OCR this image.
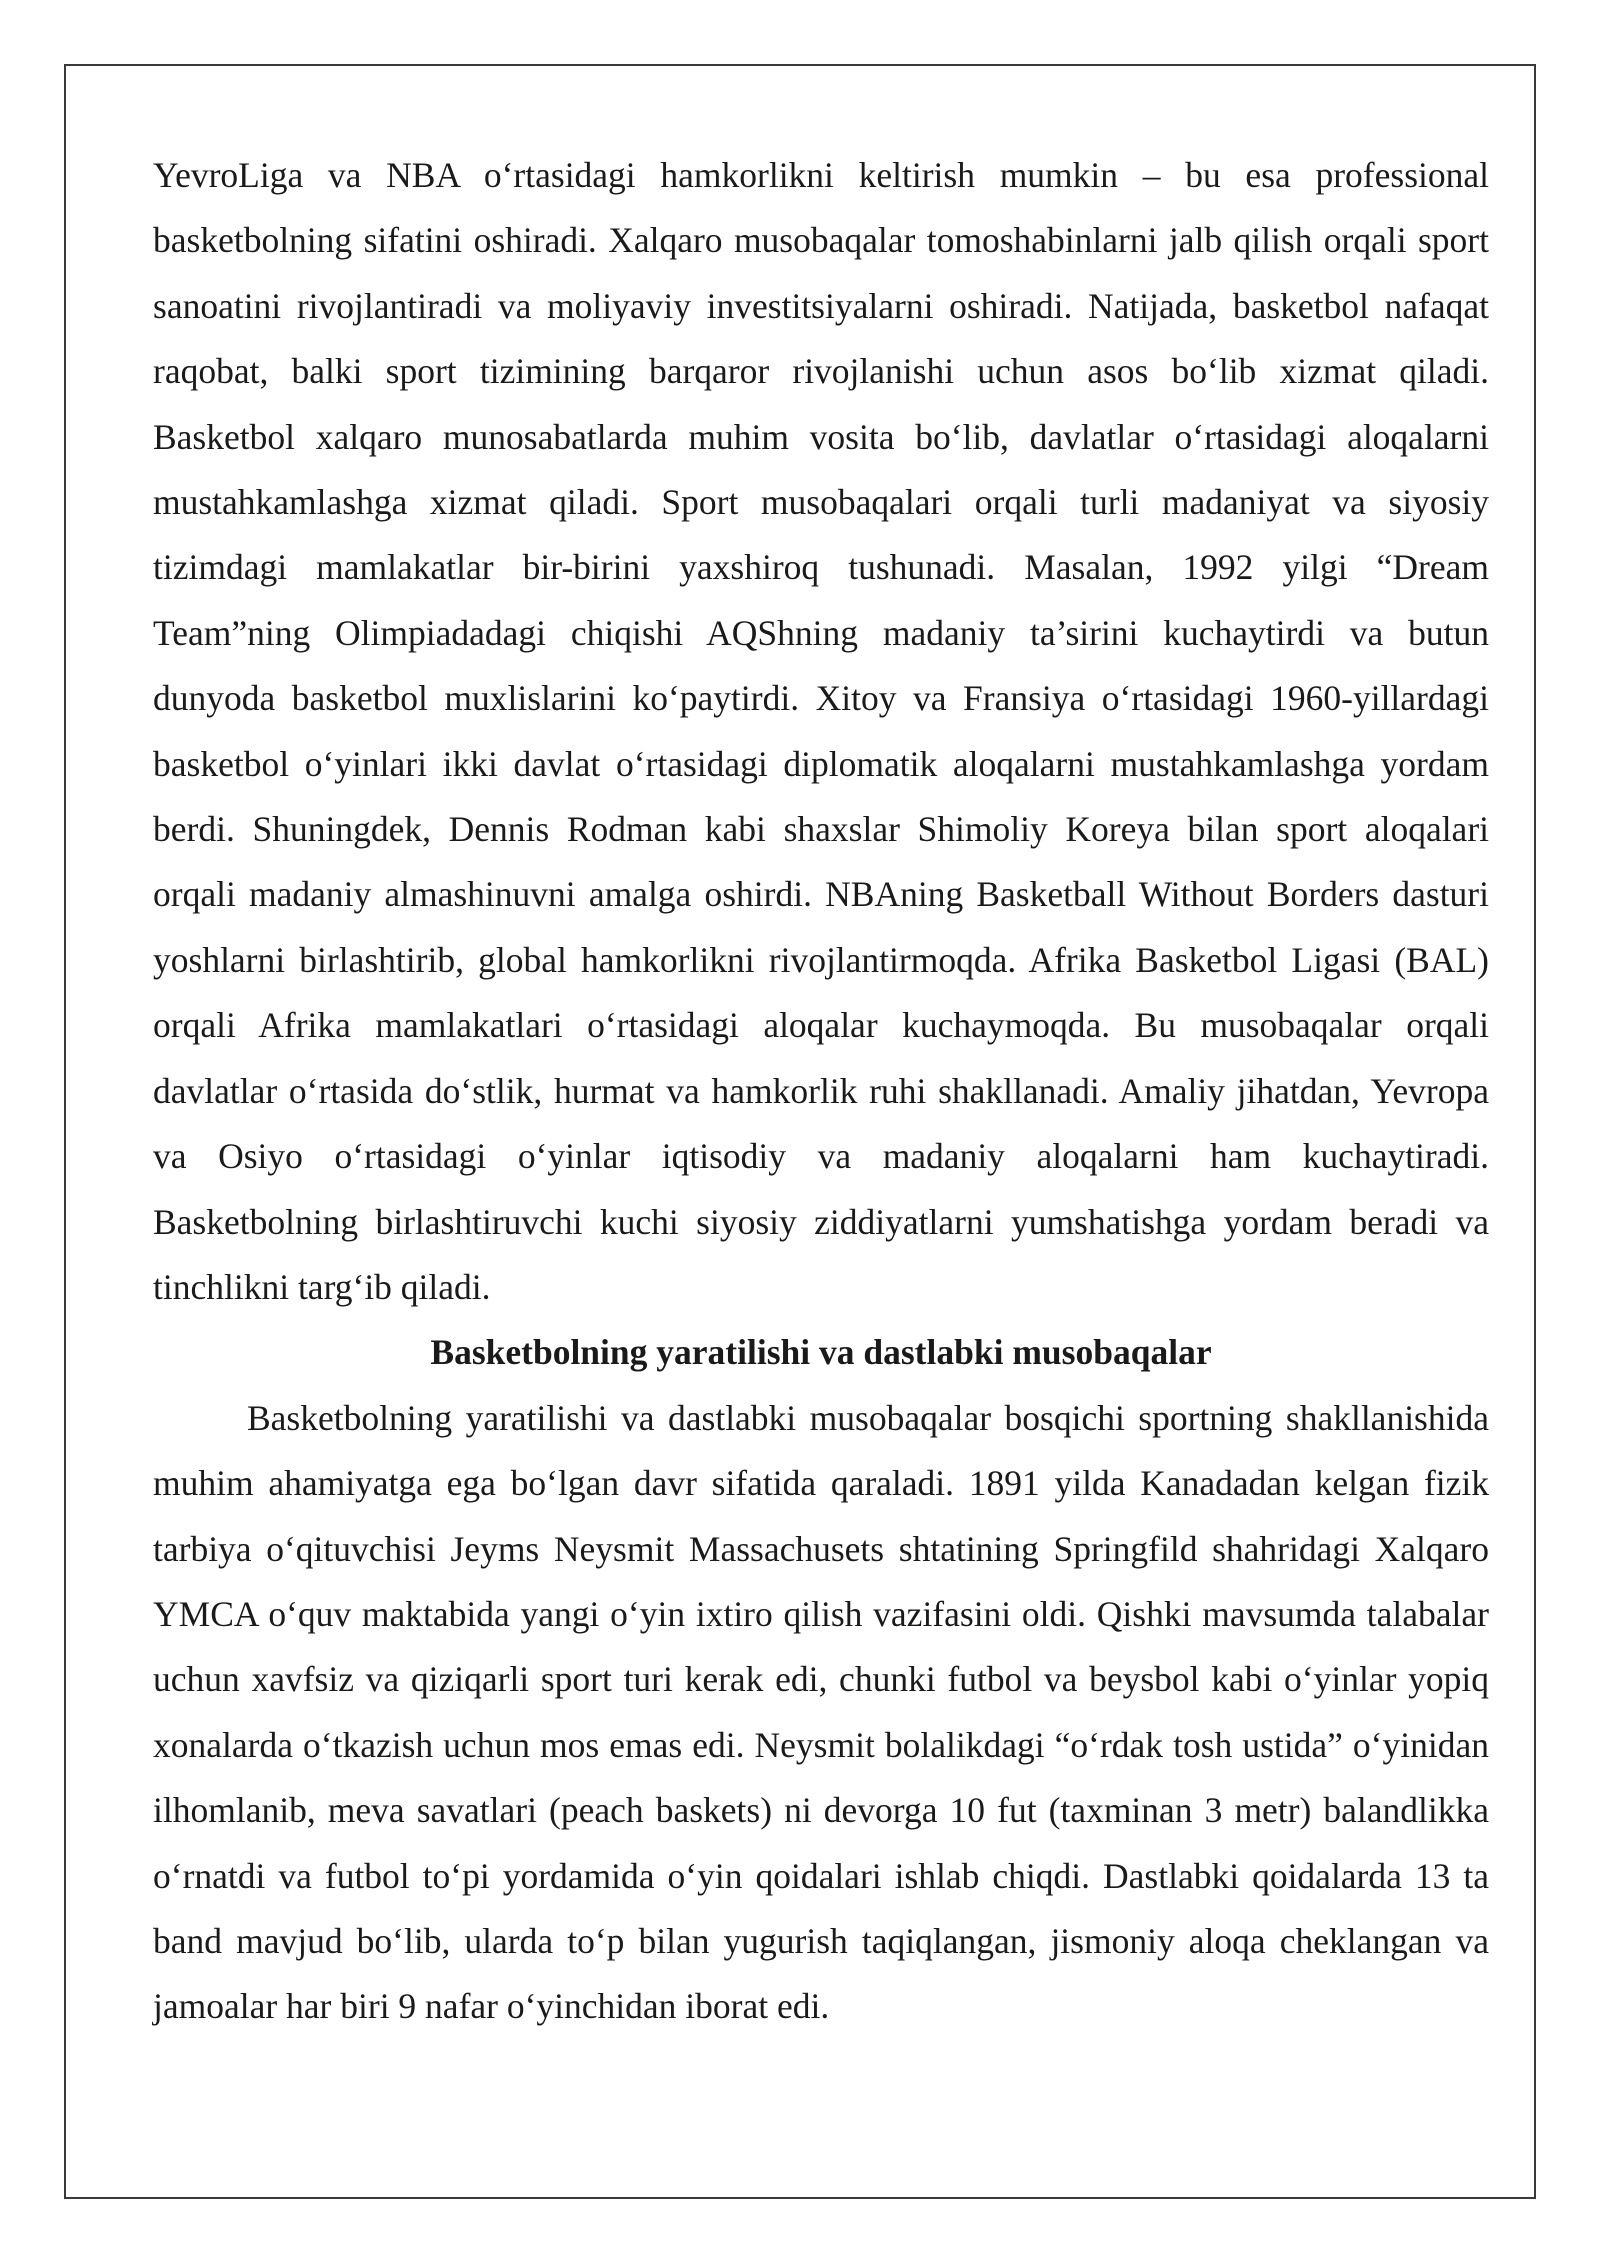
YevroLiga va NBA o‘rtasidagi hamkorlikni keltirish mumkin – bu esa professional basketbolning sifatini oshiradi. Xalqaro musobaqalar tomoshabinlarni jalb qilish orqali sport sanoatini rivojlantiradi va moliyaviy investitsiyalarni oshiradi. Natijada, basketbol nafaqat raqobat, balki sport tizimining barqaror rivojlanishi uchun asos bo‘lib xizmat qiladi. Basketbol xalqaro munosabatlarda muhim vosita bo‘lib, davlatlar o‘rtasidagi aloqalarni mustahkamlashga xizmat qiladi. Sport musobaqalari orqali turli madaniyat va siyosiy tizimdagi mamlakatlar bir-birini yaxshiroq tushunadi. Masalan, 1992 yilgi “Dream Team”ning Olimpiadadagi chiqishi AQShning madaniy ta’sirini kuchaytirdi va butun dunyoda basketbol muxlislarini ko‘paytirdi. Xitoy va Fransiya o‘rtasidagi 1960-yillardagi basketbol o‘yinlari ikki davlat o‘rtasidagi diplomatik aloqalarni mustahkamlashga yordam berdi. Shuningdek, Dennis Rodman kabi shaxslar Shimoliy Koreya bilan sport aloqalari orqali madaniy almashinuvni amalga oshirdi. NBAning Basketball Without Borders dasturi yoshlarni birlashtirib, global hamkorlikni rivojlantirmoqda. Afrika Basketbol Ligasi (BAL) orqali Afrika mamlakatlari o‘rtasidagi aloqalar kuchaymoqda. Bu musobaqalar orqali davlatlar o‘rtasida do‘stlik, hurmat va hamkorlik ruhi shakllanadi. Amaliy jihatdan, Yevropa va Osiyo o‘rtasidagi o‘yinlar iqtisodiy va madaniy aloqalarni ham kuchaytiradi. Basketbolning birlashtiruvchi kuchi siyosiy ziddiyatlarni yumshatishga yordam beradi va tinchlikni targ‘ib qiladi.

Basketbolning yaratilishi va dastlabki musobaqalar

Basketbolning yaratilishi va dastlabki musobaqalar bosqichi sportning shakllanishida muhim ahamiyatga ega bo‘lgan davr sifatida qaraladi. 1891 yilda Kanadadan kelgan fizik tarbiya o‘qituvchisi Jeyms Neysmit Massachusets shtatining Springfild shahridagi Xalqaro YMCA o‘quv maktabida yangi o‘yin ixtiro qilish vazifasini oldi. Qishki mavsumda talabalar uchun xavfsiz va qiziqarli sport turi kerak edi, chunki futbol va beysbol kabi o‘yinlar yopiq xonalarda o‘tkazish uchun mos emas edi. Neysmit bolalikdagi “o‘rdak tosh ustida” o‘yinidan ilhomlanib, meva savatlari (peach baskets) ni devorga 10 fut (taxminan 3 metr) balandlikka o‘rnatdi va futbol to‘pi yordamida o‘yin qoidalari ishlab chiqdi. Dastlabki qoidalarda 13 ta band mavjud bo‘lib, ularda to‘p bilan yugurish taqiqlangan, jismoniy aloqa cheklangan va jamoalar har biri 9 nafar o‘yinchidan iborat edi.
